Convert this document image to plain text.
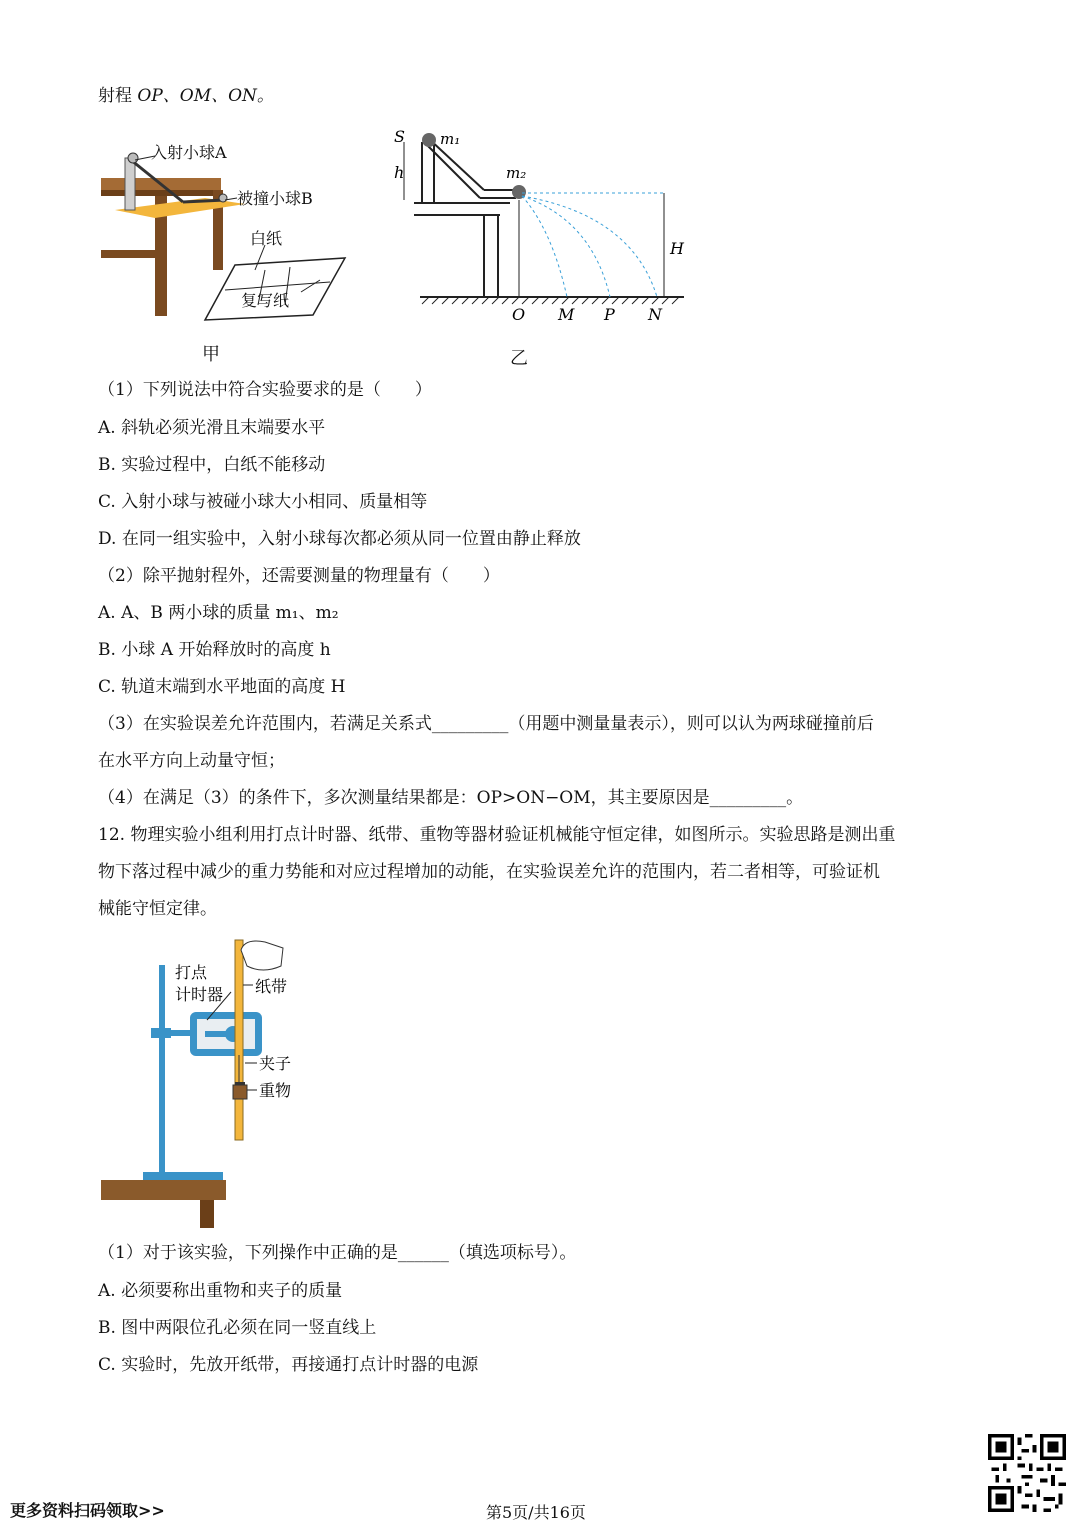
射程 OP、OM、ON。
入射小球A
被撞小球B
白纸
复写纸
甲
S
h
m₁
m₂
H
O M P N
乙
（1）下列说法中符合实验要求的是（　　）
A. 斜轨必须光滑且末端要水平
B. 实验过程中，白纸不能移动
C. 入射小球与被碰小球大小相同、质量相等
D. 在同一组实验中，入射小球每次都必须从同一位置由静止释放
（2）除平抛射程外，还需要测量的物理量有（　　）
A. A、B 两小球的质量 m₁、m₂
B. 小球 A 开始释放时的高度 h
C. 轨道末端到水平地面的高度 H
（3）在实验误差允许范围内，若满足关系式_________（用题中测量量表示），则可以认为两球碰撞前后
在水平方向上动量守恒；
（4）在满足（3）的条件下，多次测量结果都是：OP>ON−OM，其主要原因是_________。
12. 物理实验小组利用打点计时器、纸带、重物等器材验证机械能守恒定律，如图所示。实验思路是测出重
物下落过程中减少的重力势能和对应过程增加的动能，在实验误差允许的范围内，若二者相等，可验证机
械能守恒定律。
打点
计时器 纸带
夹子
重物
（1）对于该实验，下列操作中正确的是______（填选项标号）。
A. 必须要称出重物和夹子的质量
B. 图中两限位孔必须在同一竖直线上
C. 实验时，先放开纸带，再接通打点计时器的电源
更多资料扫码领取>>	第5页/共16页
